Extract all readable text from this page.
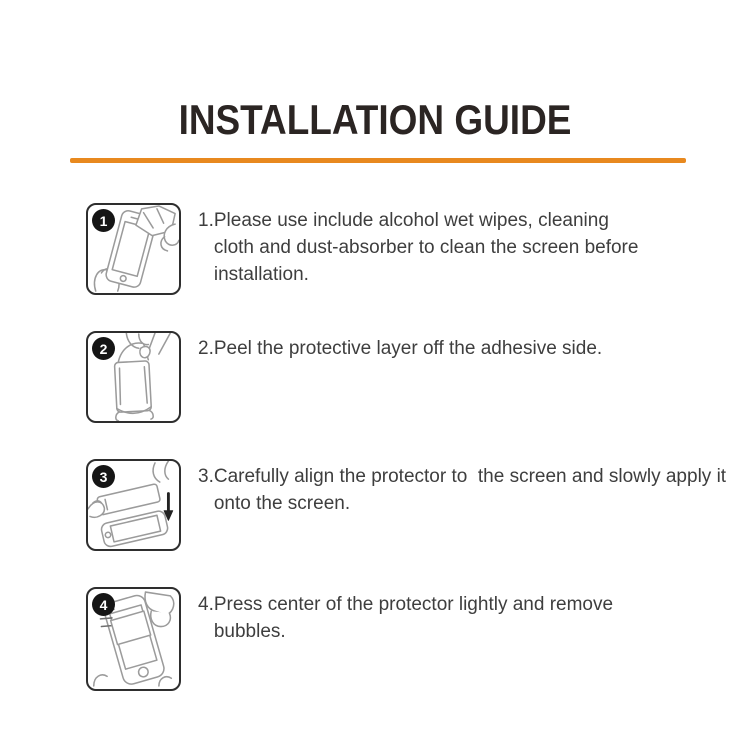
INSTALLATION GUIDE
1	1. Please use include alcohol wet wipes, cleaning cloth and dust-absorber to clean the screen before installation.

2	2. Peel the protective layer off the adhesive side.

3	3. Carefully align the protector to  the screen and slowly apply it onto the screen.

4	4. Press center of the protector lightly and remove bubbles.
